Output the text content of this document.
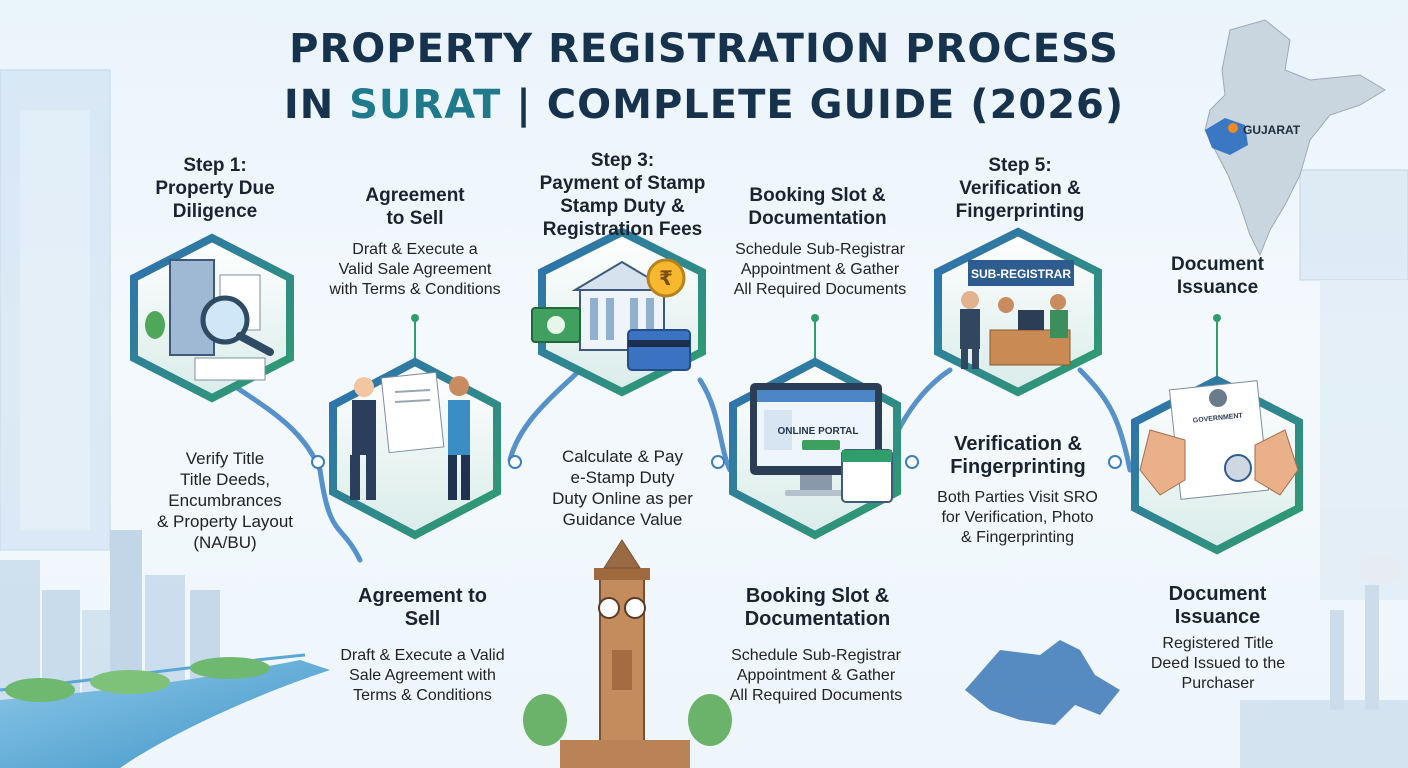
₹
GUJARAT
ONLINE PORTAL
SUB-REGISTRAR
GOVERNMENT
PROPERTY REGISTRATION PROCESS
IN SURAT | COMPLETE GUIDE (2026)
Step 1:
Property Due
Diligence
Verify Title
Title Deeds,
Encumbrances
& Property Layout
(NA/BU)
Agreement
to Sell
Draft & Execute a
Valid Sale Agreement
with Terms & Conditions
Agreement to
Sell
Draft & Execute a Valid
Sale Agreement with
Terms & Conditions
Step 3:
Payment of Stamp
Stamp Duty &
Registration Fees
Calculate & Pay
e-Stamp Duty
Duty Online as per
Guidance Value
Booking Slot &
Documentation
Schedule Sub-Registrar
Appointment & Gather
All Required Documents
Booking Slot &
Documentation
Schedule Sub-Registrar
Appointment & Gather
All Required Documents
Step 5:
Verification &
Fingerprinting
Verification &
Fingerprinting
Both Parties Visit SRO
for Verification, Photo
& Fingerprinting
Document
Issuance
Document
Issuance
Registered Title
Deed Issued to the
Purchaser
